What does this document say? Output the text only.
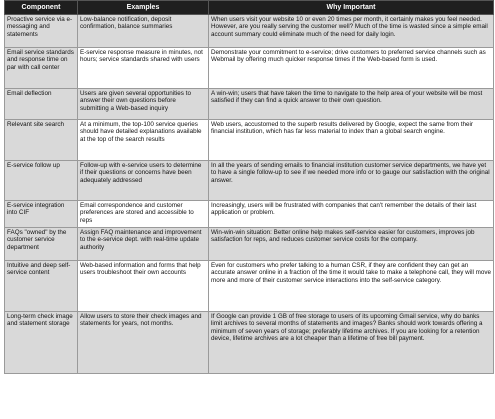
Component	Examples	Why Important
Proactive service via e-messaging and statements	Low-balance notification, deposit confirmation, balance summaries	When users visit your website 10 or even 20 times per month, it certainly makes you feel needed. However, are you really serving the customer well? Much of the time is wasted since a simple email account summary could eliminate much of the need for daily login.
Email service standards and response time on par with call center	E-service response measure in minutes, not hours; service standards shared with users	Demonstrate your commitment to e-service; drive customers to preferred service channels such as Webmail by offering much quicker response times if the Web-based form is used.
Email deflection	Users are given several opportunities to answer their own questions before submitting a Web-based inquiry	A win-win; users that have taken the time to navigate to the help area of your website will be most satisfied if they can find a quick answer to their own question.
Relevant site search	At a minimum, the top-100 service queries should have detailed explanations available at the top of the search results	Web users, accustomed to the superb results delivered by Google, expect the same from their financial institution, which has far less material to index than a global search engine.
E-service follow up	Follow-up with e-service users to determine if their questions or concerns have been adequately addressed	In all the years of sending emails to financial institution customer service departments, we have yet to have a single follow-up to see if we needed more info or to gauge our satisfaction with the original answer.
E-service integration into CIF	Email correspondence and customer preferences are stored and accessible to reps	Increasingly, users will be frustrated with companies that can't remember the details of their last application or problem.
FAQs "owned" by the customer service department	Assign FAQ maintenance and improvement to the e-service dept. with real-time update authority	Win-win-win situation: Better online help makes self-service easier for customers, improves job satisfaction for reps, and reduces customer service costs for the company.
Intuitive and deep self-service content	Web-based information and forms that help users troubleshoot their own accounts	Even for customers who prefer talking to a human CSR, if they are confident they can get an accurate answer online in a fraction of the time it would take to make a telephone call, they will move more and more of their customer service interactions into the self-service category.
Long-term check image and statement storage	Allow users to store their check images and statements for years, not months.	If Google can provide 1 GB of free storage to users of its upcoming Gmail service, why do banks limit archives to several months of statements and images? Banks should work towards offering a minimum of seven years of storage; preferably lifetime archives. If you are looking for a retention device, lifetime archives are a lot cheaper than a lifetime of free bill payment.
